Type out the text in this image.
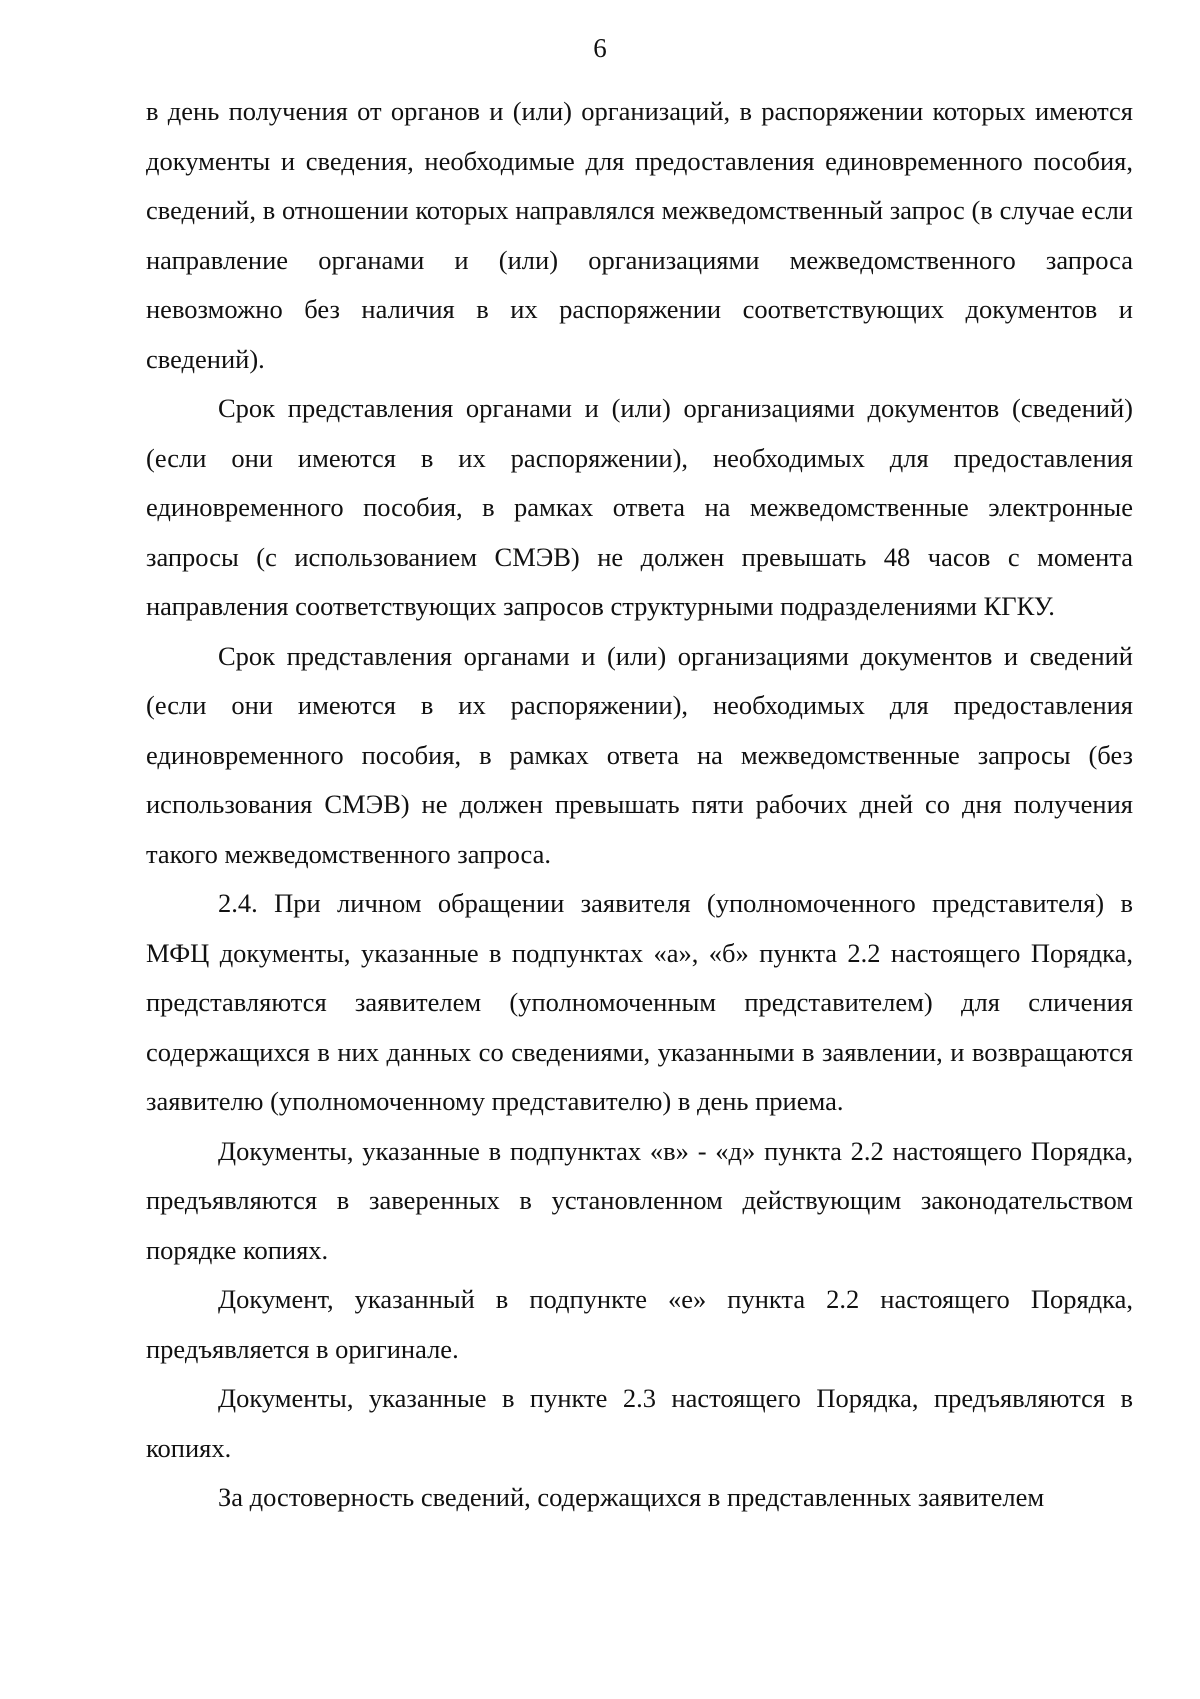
6

в день получения от органов и (или) организаций, в распоряжении которых имеются документы и сведения, необходимые для предоставления единовременного пособия, сведений, в отношении которых направлялся межведомственный запрос (в случае если направление органами и (или) организациями межведомственного запроса невозможно без наличия в их распоряжении соответствующих документов и сведений).

Срок представления органами и (или) организациями документов (сведений) (если они имеются в их распоряжении), необходимых для предоставления единовременного пособия, в рамках ответа на межведомственные электронные запросы (с использованием СМЭВ) не должен превышать 48 часов с момента направления соответствующих запросов структурными подразделениями КГКУ.

Срок представления органами и (или) организациями документов и сведений (если они имеются в их распоряжении), необходимых для предоставления единовременного пособия, в рамках ответа на межведомственные запросы (без использования СМЭВ) не должен превышать пяти рабочих дней со дня получения такого межведомственного запроса.

2.4. При личном обращении заявителя (уполномоченного представителя) в МФЦ документы, указанные в подпунктах «а», «б» пункта 2.2 настоящего Порядка, представляются заявителем (уполномоченным представителем) для сличения содержащихся в них данных со сведениями, указанными в заявлении, и возвращаются заявителю (уполномоченному представителю) в день приема.

Документы, указанные в подпунктах «в» - «д» пункта 2.2 настоящего Порядка, предъявляются в заверенных в установленном действующим законодательством порядке копиях.

Документ, указанный в подпункте «е» пункта 2.2 настоящего Порядка, предъявляется в оригинале.

Документы, указанные в пункте 2.3 настоящего Порядка, предъявляются в копиях.

За достоверность сведений, содержащихся в представленных заявителем
